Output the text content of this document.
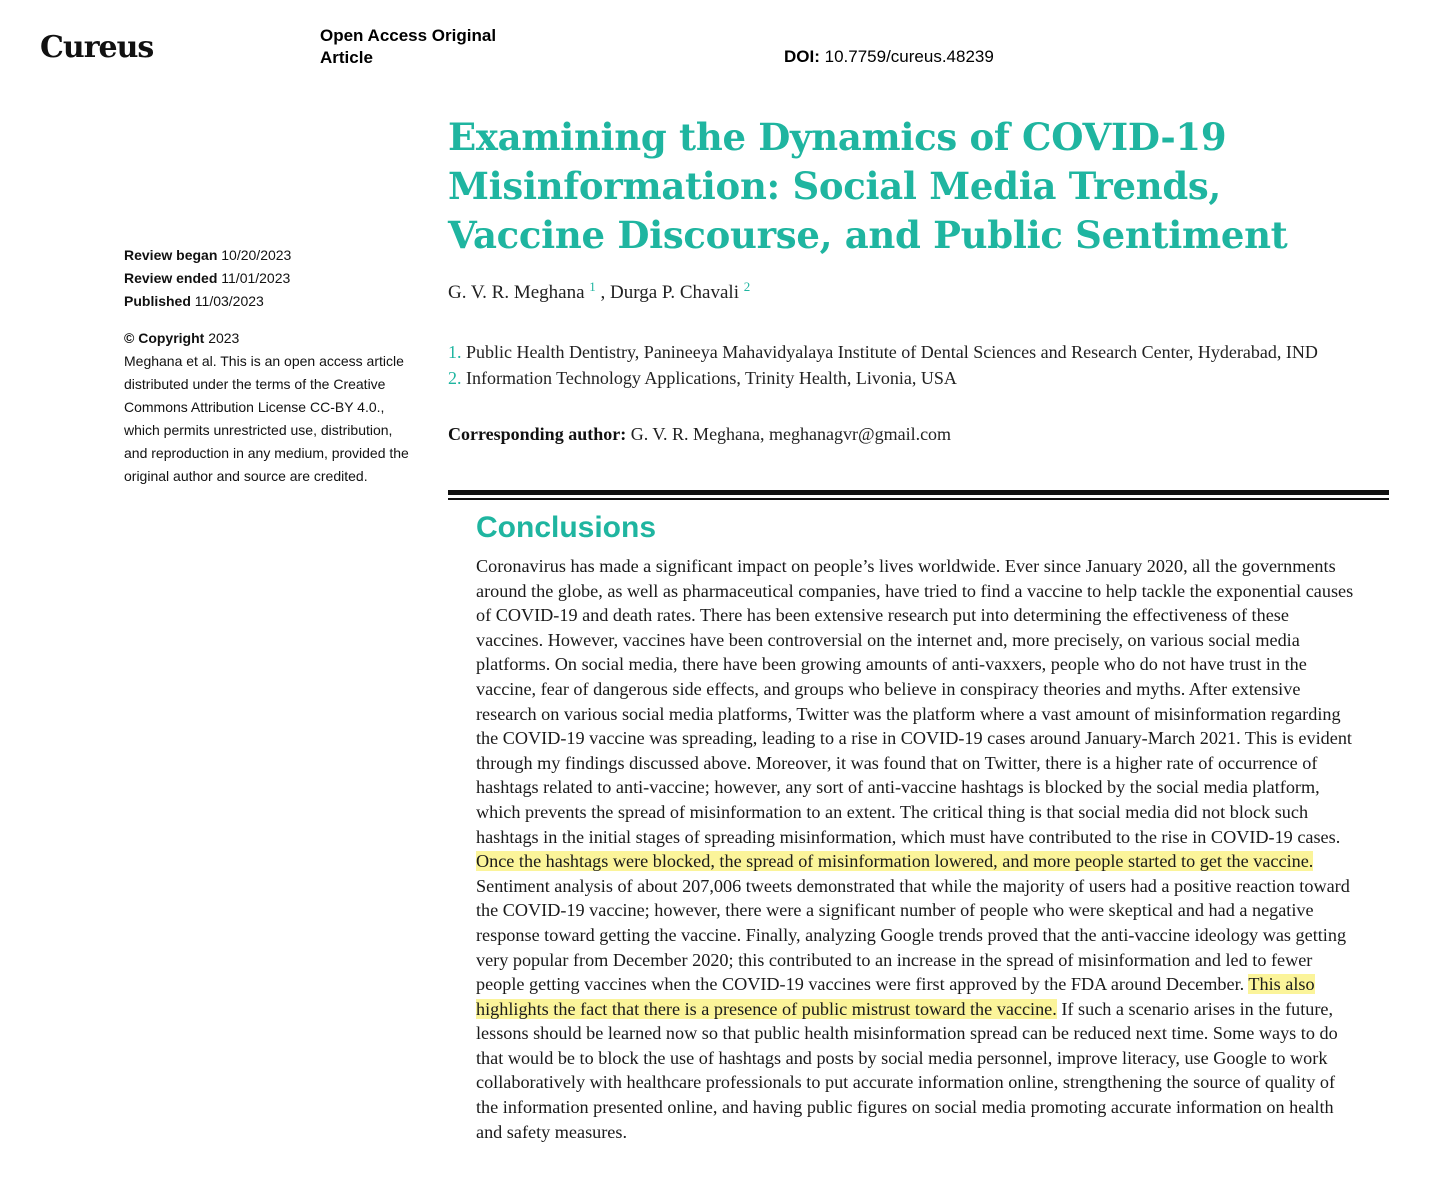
Cureus	Open Access Original Article	DOI: 10.7759/cureus.48239
Examining the Dynamics of COVID-19 Misinformation: Social Media Trends, Vaccine Discourse, and Public Sentiment
G. V. R. Meghana $^1$ , Durga P. Chavali $^2$
1. Public Health Dentistry, Panineeya Mahavidyalaya Institute of Dental Sciences and Research Center, Hyderabad, IND
2. Information Technology Applications, Trinity Health, Livonia, USA
Corresponding author: G. V. R. Meghana, meghanagvr@gmail.com
Review began 10/20/2023
Review ended 11/01/2023
Published 11/03/2023
© Copyright 2023
Meghana et al. This is an open access article distributed under the terms of the Creative Commons Attribution License CC-BY 4.0., which permits unrestricted use, distribution, and reproduction in any medium, provided the original author and source are credited.
Conclusions

Coronavirus has made a significant impact on people’s lives worldwide. Ever since January 2020, all the governments around the globe, as well as pharmaceutical companies, have tried to find a vaccine to help tackle the exponential causes of COVID-19 and death rates. There has been extensive research put into determining the effectiveness of these vaccines. However, vaccines have been controversial on the internet and, more precisely, on various social media platforms. On social media, there have been growing amounts of anti-vaxxers, people who do not have trust in the vaccine, fear of dangerous side effects, and groups who believe in conspiracy theories and myths. After extensive research on various social media platforms, Twitter was the platform where a vast amount of misinformation regarding the COVID-19 vaccine was spreading, leading to a rise in COVID-19 cases around January-March 2021. This is evident through my findings discussed above. Moreover, it was found that on Twitter, there is a higher rate of occurrence of hashtags related to anti-vaccine; however, any sort of anti-vaccine hashtags is blocked by the social media platform, which prevents the spread of misinformation to an extent. The critical thing is that social media did not block such hashtags in the initial stages of spreading misinformation, which must have contributed to the rise in COVID-19 cases. Once the hashtags were blocked, the spread of misinformation lowered, and more people started to get the vaccine. Sentiment analysis of about 207,006 tweets demonstrated that while the majority of users had a positive reaction toward the COVID-19 vaccine; however, there were a significant number of people who were skeptical and had a negative response toward getting the vaccine. Finally, analyzing Google trends proved that the anti-vaccine ideology was getting very popular from December 2020; this contributed to an increase in the spread of misinformation and led to fewer people getting vaccines when the COVID-19 vaccines were first approved by the FDA around December. This also highlights the fact that there is a presence of public mistrust toward the vaccine. If such a scenario arises in the future, lessons should be learned now so that public health misinformation spread can be reduced next time. Some ways to do that would be to block the use of hashtags and posts by social media personnel, improve literacy, use Google to work collaboratively with healthcare professionals to put accurate information online, strengthening the source of quality of the information presented online, and having public figures on social media promoting accurate information on health and safety measures.
